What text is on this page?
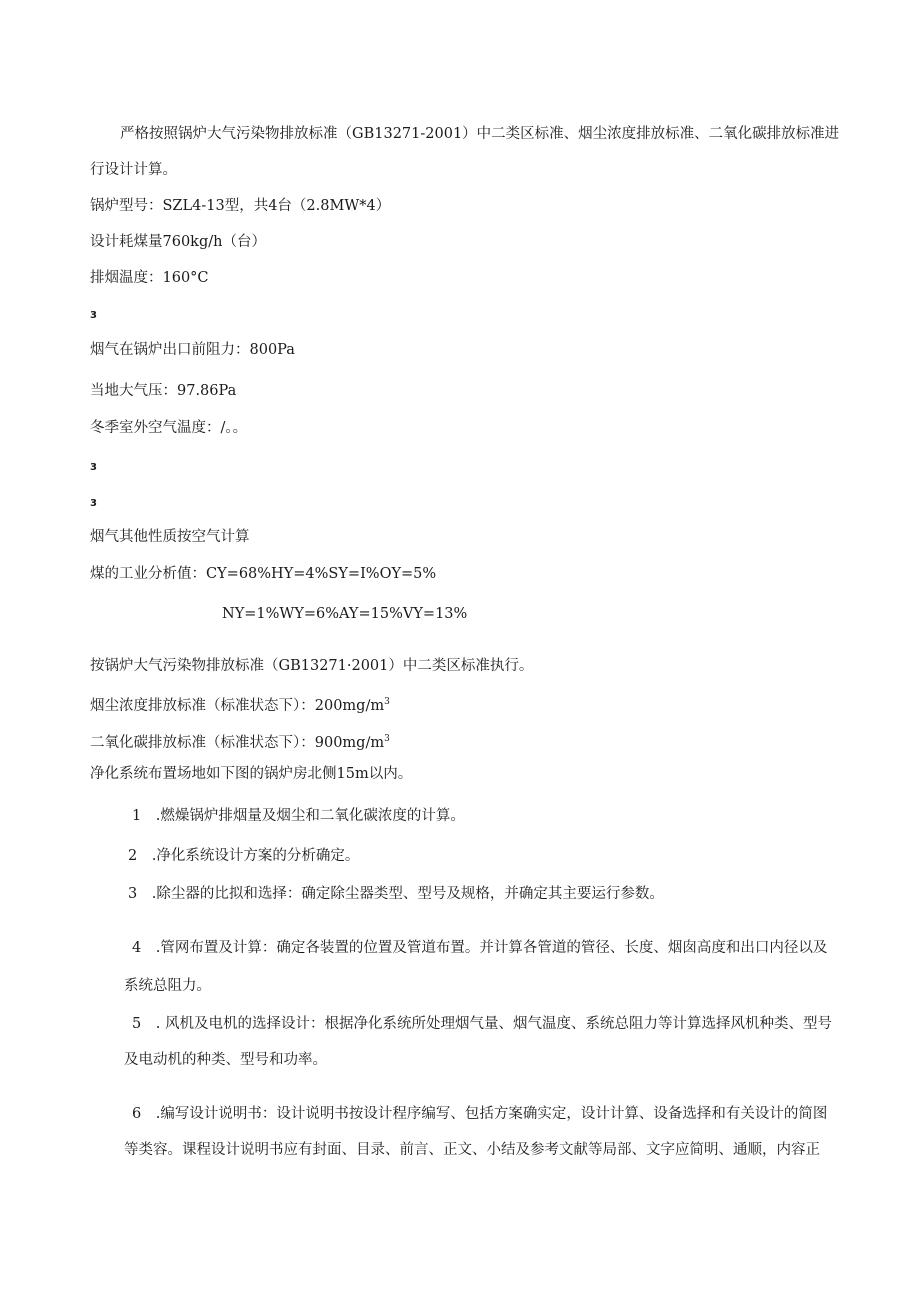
严格按照锅炉大气污染物排放标准（GB13271-2001）中二类区标准、烟尘浓度排放标准、二氧化碳排放标准进
行设计计算。
锅炉型号：SZL4-13型，共4台（2.8MW*4）
设计耗煤量760kg/h（台）
排烟温度：160°C
3
烟气在锅炉出口前阻力：800Pa
当地大气压：97.86Pa
冬季室外空气温度：/。。
3
3
烟气其他性质按空气计算
煤的工业分析值：CY=68%HY=4%SY=I%OY=5%
NY=1%WY=6%AY=15%VY=13%
按锅炉大气污染物排放标准（GB13271·2001）中二类区标准执行。
烟尘浓度排放标准（标准状态下）：$200mg∕m^3$
二氧化碳排放标准（标准状态下）：$900mg∕m^3$
净化系统布置场地如下图的锅炉房北侧15m以内。
1　.燃燥锅炉排烟量及烟尘和二氧化碳浓度的计算。
2　.净化系统设计方案的分析确定。
3　.除尘器的比拟和选择：确定除尘器类型、型号及规格，并确定其主要运行参数。
4　.管网布置及计算：确定各装置的位置及管道布置。并计算各管道的管径、长度、烟囱高度和出口内径以及
系统总阻力。
5　. 风机及电机的选择设计：根据净化系统所处理烟气量、烟气温度、系统总阻力等计算选择风机种类、型号
及电动机的种类、型号和功率。
6　.编写设计说明书：设计说明书按设计程序编写、包括方案确实定，设计计算、设备选择和有关设计的简图
等类容。课程设计说明书应有封面、目录、前言、正文、小结及参考文献等局部、文字应简明、通顺，内容正
